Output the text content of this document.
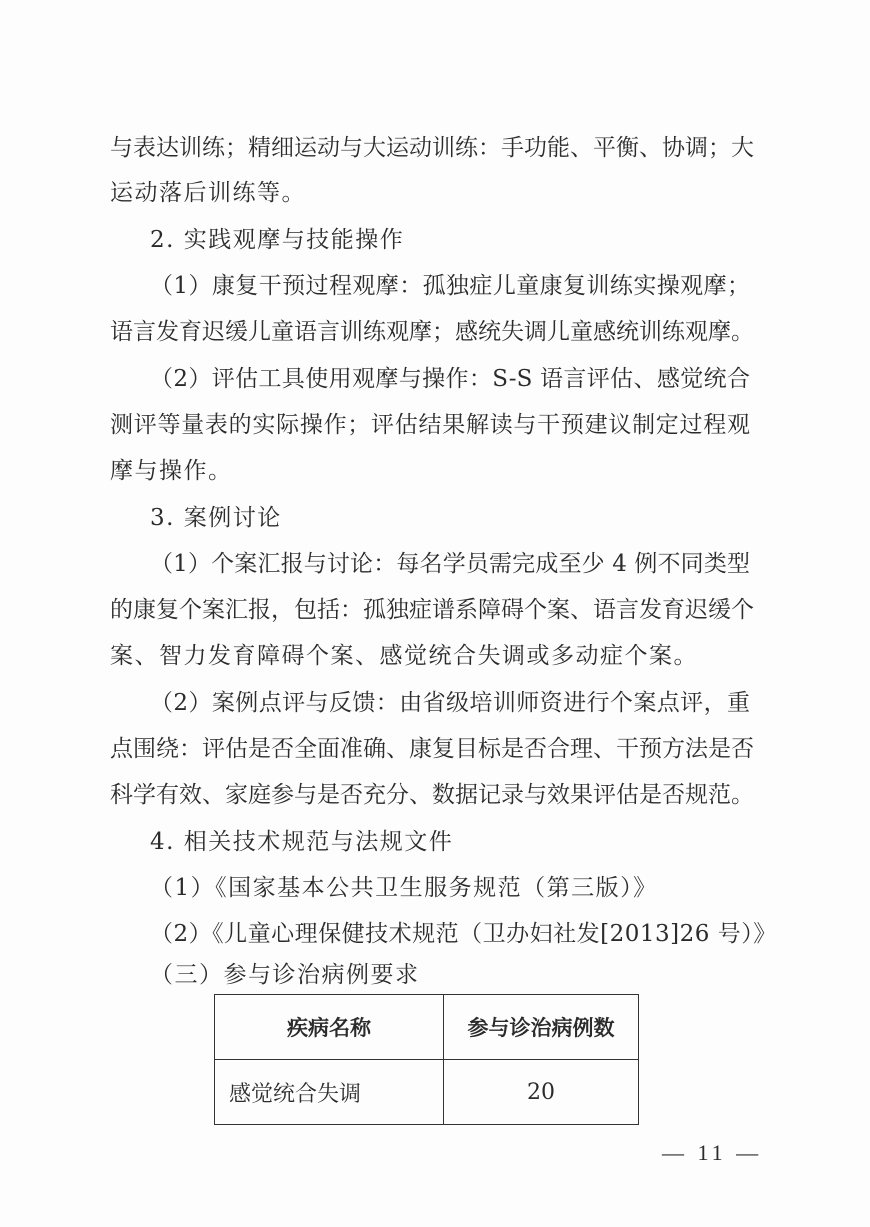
与表达训练；精细运动与大运动训练：手功能、平衡、协调；大
运动落后训练等。
2. 实践观摩与技能操作
（1）康复干预过程观摩：孤独症儿童康复训练实操观摩；
语言发育迟缓儿童语言训练观摩；感统失调儿童感统训练观摩。
（2）评估工具使用观摩与操作：S-S 语言评估、感觉统合
测评等量表的实际操作；评估结果解读与干预建议制定过程观
摩与操作。
3. 案例讨论
（1）个案汇报与讨论：每名学员需完成至少 4 例不同类型
的康复个案汇报，包括：孤独症谱系障碍个案、语言发育迟缓个
案、智力发育障碍个案、感觉统合失调或多动症个案。
（2）案例点评与反馈：由省级培训师资进行个案点评，重
点围绕：评估是否全面准确、康复目标是否合理、干预方法是否
科学有效、家庭参与是否充分、数据记录与效果评估是否规范。
4. 相关技术规范与法规文件
（1）《国家基本公共卫生服务规范（第三版）》
（2）《儿童心理保健技术规范（卫办妇社发[2013]26 号）》
（三）参与诊治病例要求
疾病名称	参与诊治病例数
感觉统合失调	20
— 11 —
